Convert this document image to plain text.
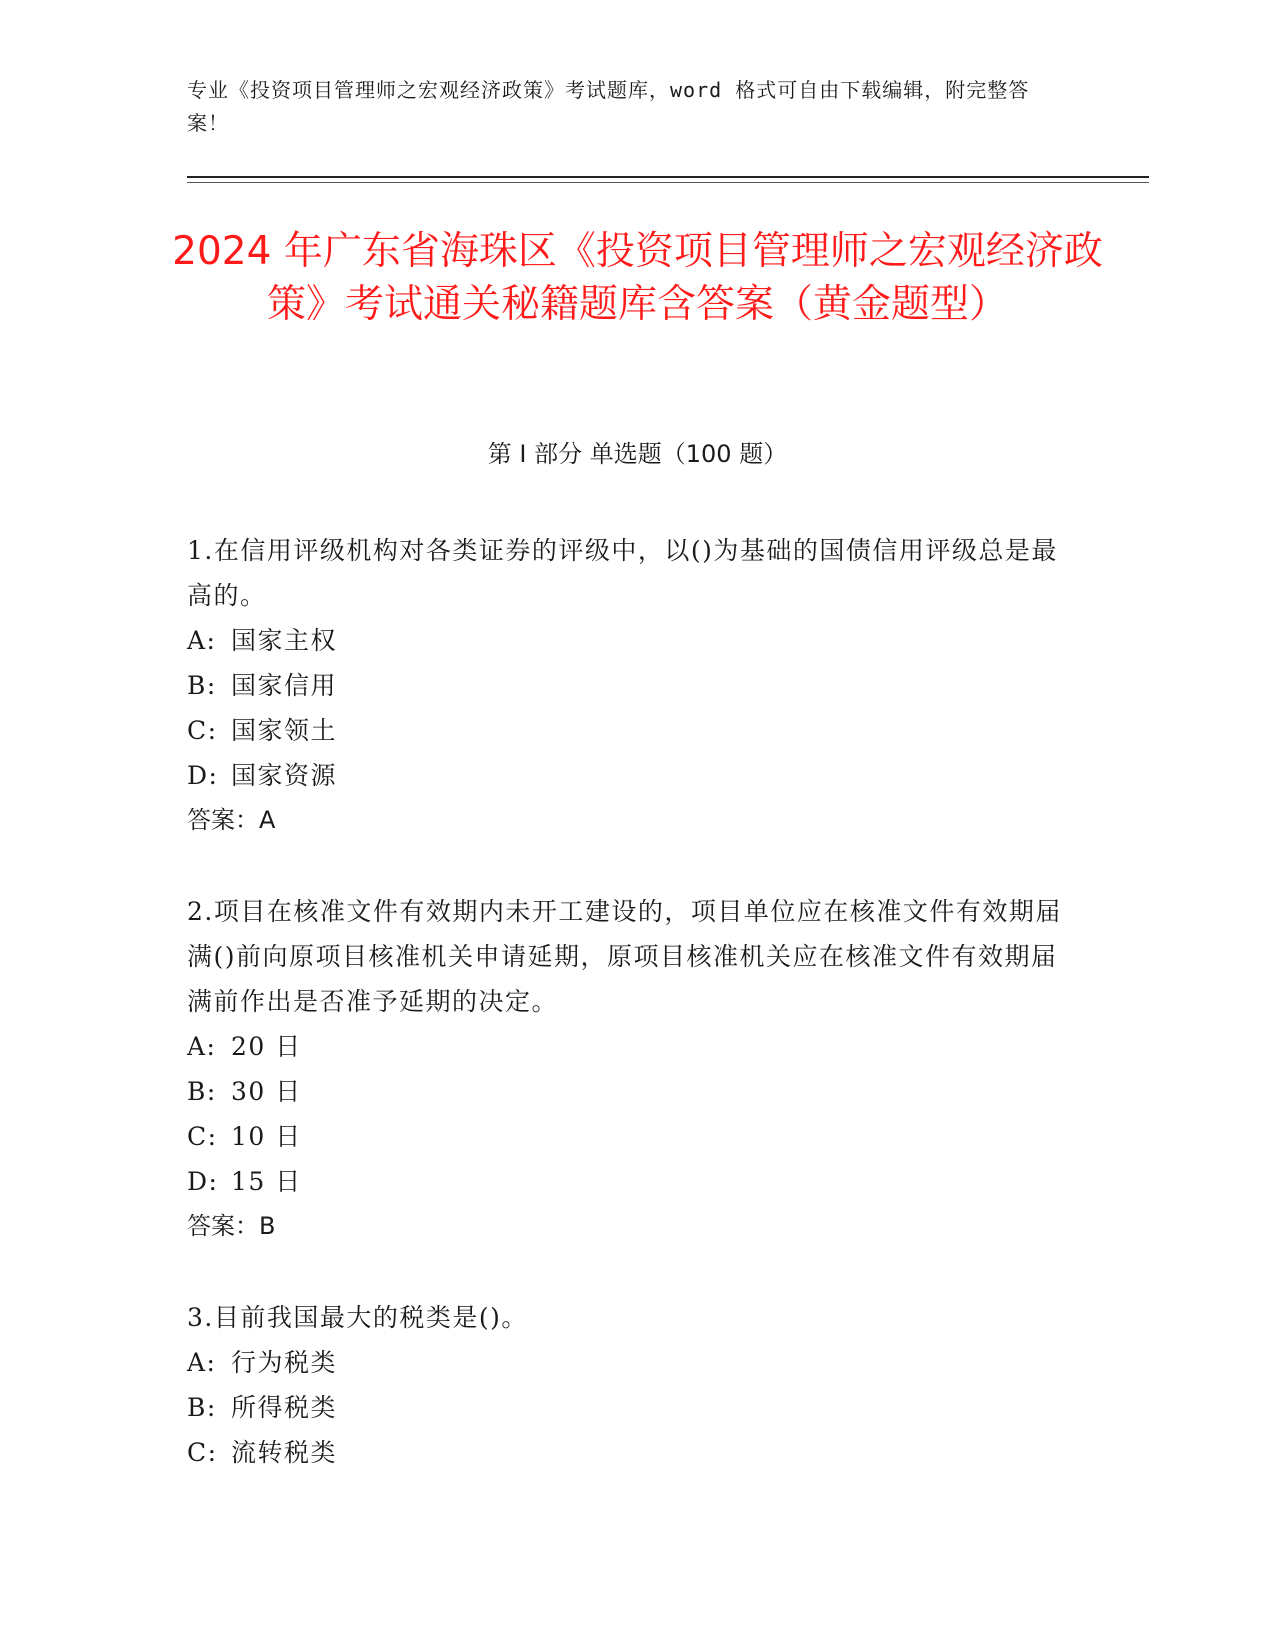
专业《投资项目管理师之宏观经济政策》考试题库，word 格式可自由下载编辑，附完整答案！
2024 年广东省海珠区《投资项目管理师之宏观经济政策》考试通关秘籍题库含答案（黄金题型）
第 I 部分 单选题（100 题）
1.在信用评级机构对各类证券的评级中，以()为基础的国债信用评级总是最高的。
A: 国家主权
B: 国家信用
C: 国家领土
D: 国家资源
答案：A
2.项目在核准文件有效期内未开工建设的，项目单位应在核准文件有效期届满()前向原项目核准机关申请延期，原项目核准机关应在核准文件有效期届满前作出是否准予延期的决定。
A: 20 日
B: 30 日
C: 10 日
D: 15 日
答案：B
3.目前我国最大的税类是()。
A: 行为税类
B: 所得税类
C: 流转税类
